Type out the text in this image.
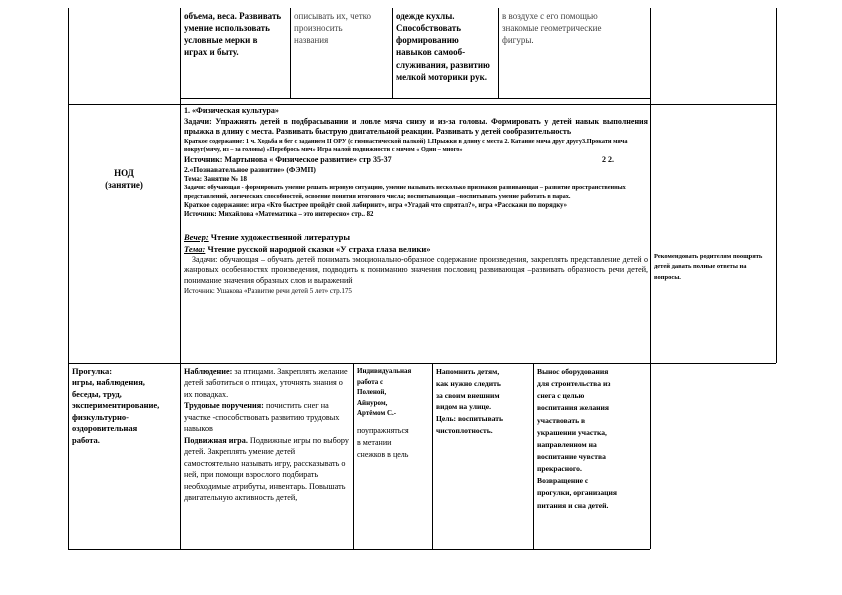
объема, веса. Развивать

умение использовать

условные мерки в

играх и быту.

описывать их, четко

произносить

названия

одежде кухлы.

Способствовать

формированию

навыков самооб-

служивания, развитию

мелкой моторики рук.

в воздухе с его помощью

знакомые геометрические

фигуры.

НОД

(занятие)

1. «Физическая культура»

Задачи: Упражнять детей в подбрасывании и ловле мяча снизу и из-за головы. Формировать у детей навык выполнения прыжка в длину с места. Развивать быструю двигательной реакции. Развивать у детей сообразительность

Краткое содержание: 1 ч. Ходьба и бег с заданием II ОРУ (с гимнастической палкой) 1.Прыжки в длину с места 2. Катание мяча друг другу3.Прокати мяча вокруг(мячу, из – за головы) «Перебрось мяч» Игра малой подвижности с мячом « Один – много»

Источник: Мартынова « Физическое развитие» стр 35-37	2 2.

2.«Познавательное развитие» (ФЭМП)

Тема: Занятие № 18

Задачи: обучающая - формировать умение решать игровую ситуацию, умение называть несколько признаков развивающая – развитие пространственных представлений, логических способностей, освоение понятия итогового числа; воспитывающая –воспитывать умение работать в парах.

Краткое содержание: игра «Кто быстрее пройдёт свой лабиринт», игра «Угадай что спрятал?», игра «Расскажи по порядку»

Источник: Михайлова «Математика – это интересно» стр.. 82

Вечер: Чтение художественной литературы

Тема: Чтение русской народной сказки «У страха глаза велики»

Задачи: обучающая – обучать детей понимать эмоционально-образное содержание произведения, закреплять представление детей о жанровых особенностях произведения, подводить к пониманию значения пословиц развивающая –развивать образность речи детей, понимание значения образных слов и выражений

Источник: Ушакова «Развитие речи детей 5 лет» стр.175

Рекомендовать родителям поощрять детей давать полные ответы на вопросы.

Прогулка:

игры, наблюдения,

беседы, труд,

экспериментирование,

физкультурно-

оздоровительная

работа.

Наблюдение: за птицами. Закреплять желание детей заботиться о птицах, уточнять знания о их повадках.

Трудовые поручения: почистить снег на участке -способствовать развитию трудовых навыков

Подвижная игра. Подвижные игры по выбору детей. Закреплять умение детей самостоятельно называть игру, рассказывать о ней, при помощи взрослого подбирать необходимые атрибуты, инвентарь. Повышать двигательную активность детей,

Индивидуальная

работа с

Поленой,

Айнуром,

Артёмом С.-

поупражняться

в метании

снежков в цель

Напомнить детям,

как нужно следить

за своим внешним

видом на улице.

Цель: воспитывать

чистоплотность.

Вынос оборудования

для строительства из

снега с целью

воспитания желания

участвовать в

украшении участка,

направленном на

воспитание чувства

прекрасного.

Возвращение с

прогулки, организация

питания и сна детей.
